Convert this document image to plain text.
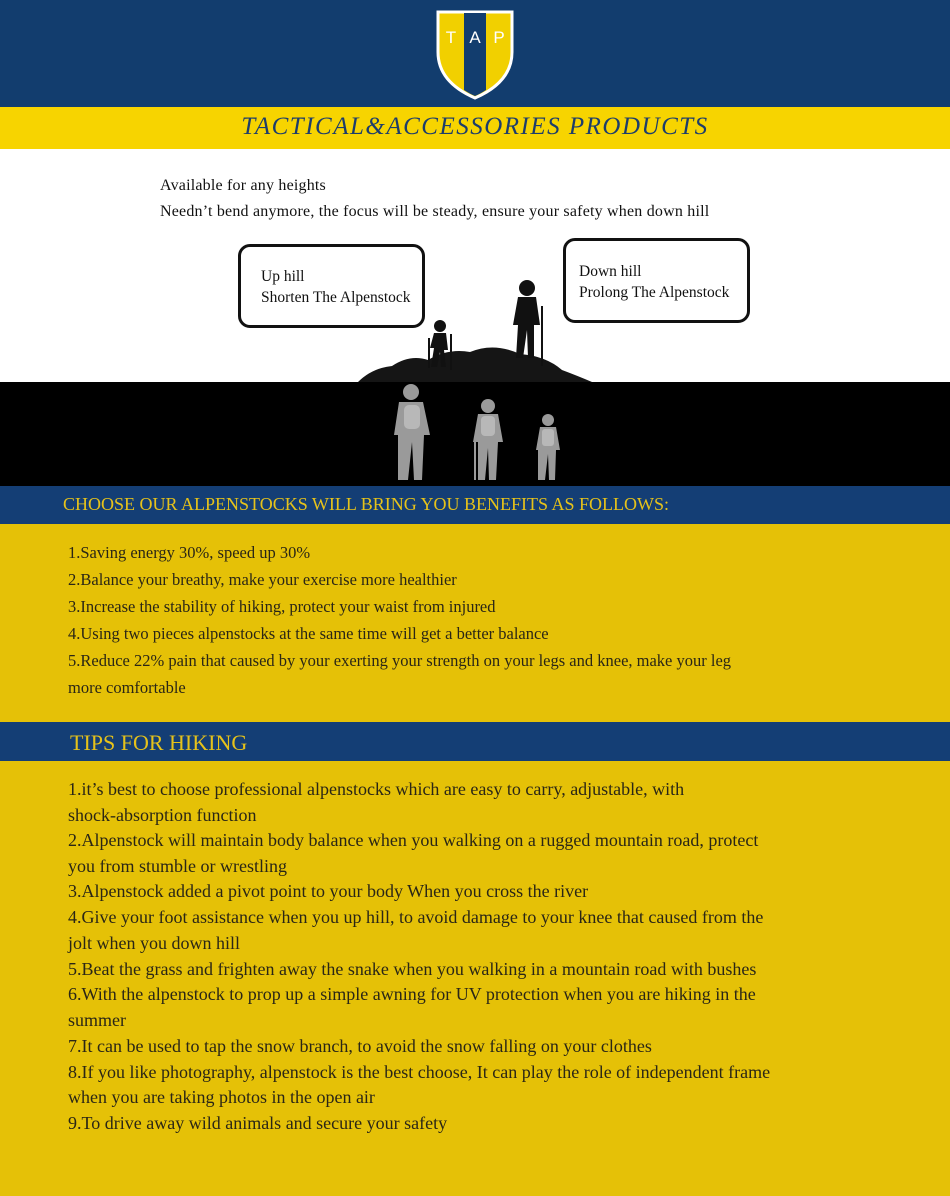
T A P
TACTICAL&ACCESSORIES PRODUCTS
Available for any heights
Needn’t bend anymore, the focus will be steady, ensure your safety when down hill
Up hill
Shorten The Alpenstock
Down hill
Prolong The Alpenstock
CHOOSE OUR ALPENSTOCKS WILL BRING YOU BENEFITS AS FOLLOWS:
1.Saving energy 30%, speed up 30%
2.Balance your breathy, make your exercise more healthier
3.Increase the stability of hiking, protect your waist from injured
4.Using two pieces alpenstocks at the same time will get a better balance
5.Reduce 22% pain that caused by your exerting your strength on your legs and knee, make your leg
more comfortable
TIPS FOR HIKING
1.it’s best to choose professional alpenstocks which are easy to carry, adjustable, with
shock-absorption function
2.Alpenstock will maintain body balance when you walking on a rugged mountain road, protect
you from stumble or wrestling
3.Alpenstock added a pivot point to your body When you cross the river
4.Give your foot assistance when you up hill, to avoid damage to your knee that caused from the
jolt when you down hill
5.Beat the grass and frighten away the snake when you walking in a mountain road with bushes
6.With the alpenstock to prop up a simple awning for UV protection when you are hiking in the
summer
7.It can be used to tap the snow branch, to avoid the snow falling on your clothes
8.If you like photography, alpenstock is the best choose, It can play the role of independent frame
when you are taking photos in the open air
9.To drive away wild animals and secure your safety
